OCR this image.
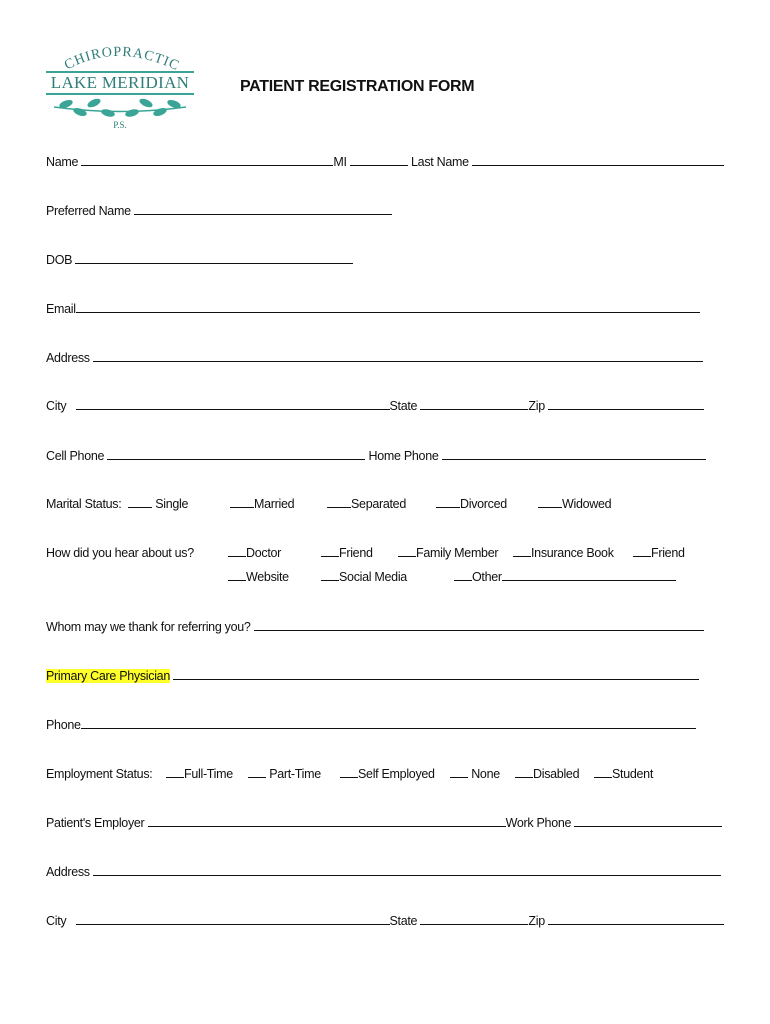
CHIROPRACTIC
LAKE MERIDIAN
P.S.
PATIENT REGISTRATION FORM
Name	MI	Last Name
Preferred Name
DOB
Email
Address
City	State	Zip
Cell Phone	Home Phone
Marital Status:	Single	Married	Separated	Divorced	Widowed
How did you hear about us?	Doctor	Friend	Family Member	Insurance Book	Friend
Website	Social Media	Other
Whom may we thank for referring you?
Primary Care Physician
Phone
Employment Status:	Full-Time	Part-Time	Self Employed	None	Disabled	Student
Patient's Employer	Work Phone
Address
City	State	Zip
